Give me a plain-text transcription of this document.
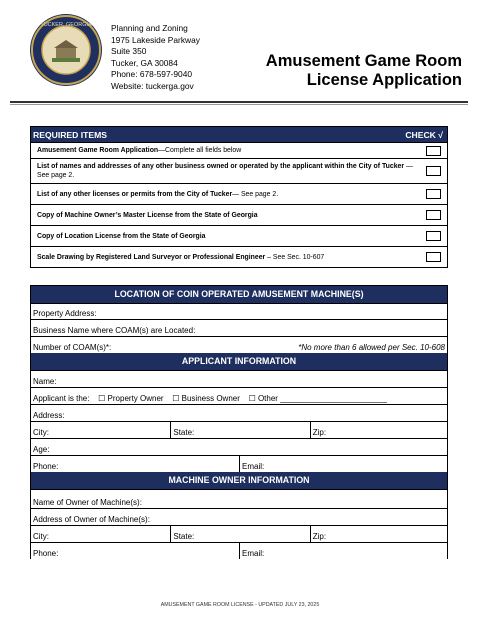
TUCKER, GEORGIA Planning and Zoning
1975 Lakeside Parkway
Suite 350
Tucker, GA 30084
Phone: 678-597-9040
Website: tuckerga.gov
Amusement Game Room
License Application
REQUIRED ITEMS	CHECK √
Amusement Game Room Application—Complete all fields below
List of names and addresses of any other business owned or operated by the applicant within the City of Tucker —See page 2.
List of any other licenses or permits from the City of Tucker— See page 2.
Copy of Machine Owner’s Master License from the State of Georgia
Copy of Location License from the State of Georgia
Scale Drawing by Registered Land Surveyor or Professional Engineer – See Sec. 10-607
LOCATION OF COIN OPERATED AMUSEMENT MACHINE(S)
Property Address:
Business Name where COAM(s) are Located:
Number of COAM(s)*:	*No more than 6 allowed per Sec. 10-608
APPLICANT INFORMATION
Name:
Applicant is the: ☐ Property Owner ☐ Business Owner ☐ Other ________________________
Address:
City:	State:	Zip:
Age:
Phone:	Email:
MACHINE OWNER INFORMATION
Name of Owner of Machine(s):
Address of Owner of Machine(s):
City:	State:	Zip:
Phone:	Email:
AMUSEMENT GAME ROOM LICENSE - UPDATED JULY 23, 2025
